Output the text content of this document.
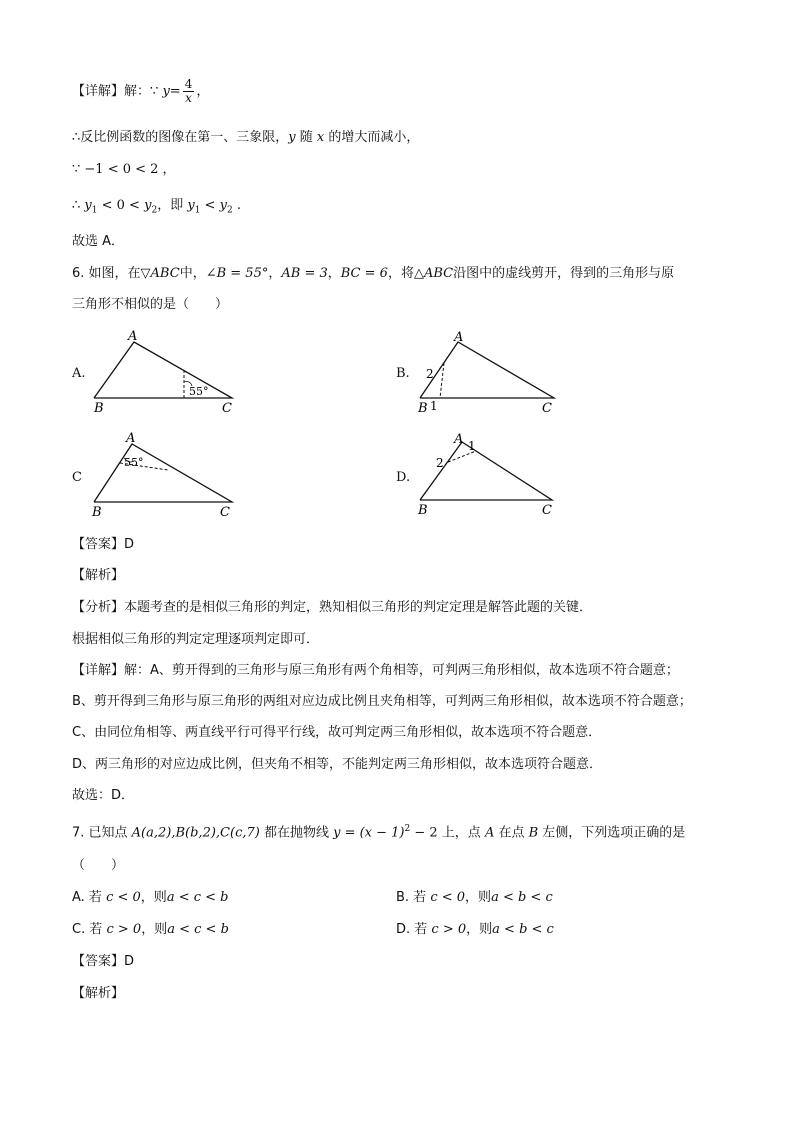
【详解】解：∵ $y= \frac{4}{x}$ ，
∴反比例函数的图像在第一、三象限，y 随 x 的增大而减小，
∵ −1 < 0 < 2 ，
∴ $y_1 < 0 < y_2$，即 $y_1 < y_2$ .
故选 A．
6. 如图，在▽ABC中，∠B = 55°，AB = 3，BC = 6，将△ABC沿图中的虚线剪开，得到的三角形与原
三角形不相似的是（　　）
A.
A
B	C
55°
B.
A
B	C
2
1
C
A
B	C
55°
D.
A
B	C
2
1
【答案】D
【解析】
【分析】本题考查的是相似三角形的判定，熟知相似三角形的判定定理是解答此题的关键．
根据相似三角形的判定定理逐项判定即可．
【详解】解：A、剪开得到的三角形与原三角形有两个角相等，可判两三角形相似，故本选项不符合题意；
B、剪开得到三角形与原三角形的两组对应边成比例且夹角相等，可判两三角形相似，故本选项不符合题意；
C、由同位角相等、两直线平行可得平行线，故可判定两三角形相似，故本选项不符合题意．
D、两三角形的对应边成比例，但夹角不相等，不能判定两三角形相似，故本选项符合题意．
故选：D．
7. 已知点 A(a,2),B(b,2),C(c,7) 都在抛物线 $y = (x - 1)^2 - 2$ 上，点 A 在点 B 左侧，下列选项正确的是
（　　）
A. 若 c < 0，则a < c < b	B. 若 c < 0，则a < b < c
C. 若 c > 0，则a < c < b	D. 若 c > 0，则a < b < c
【答案】D
【解析】
